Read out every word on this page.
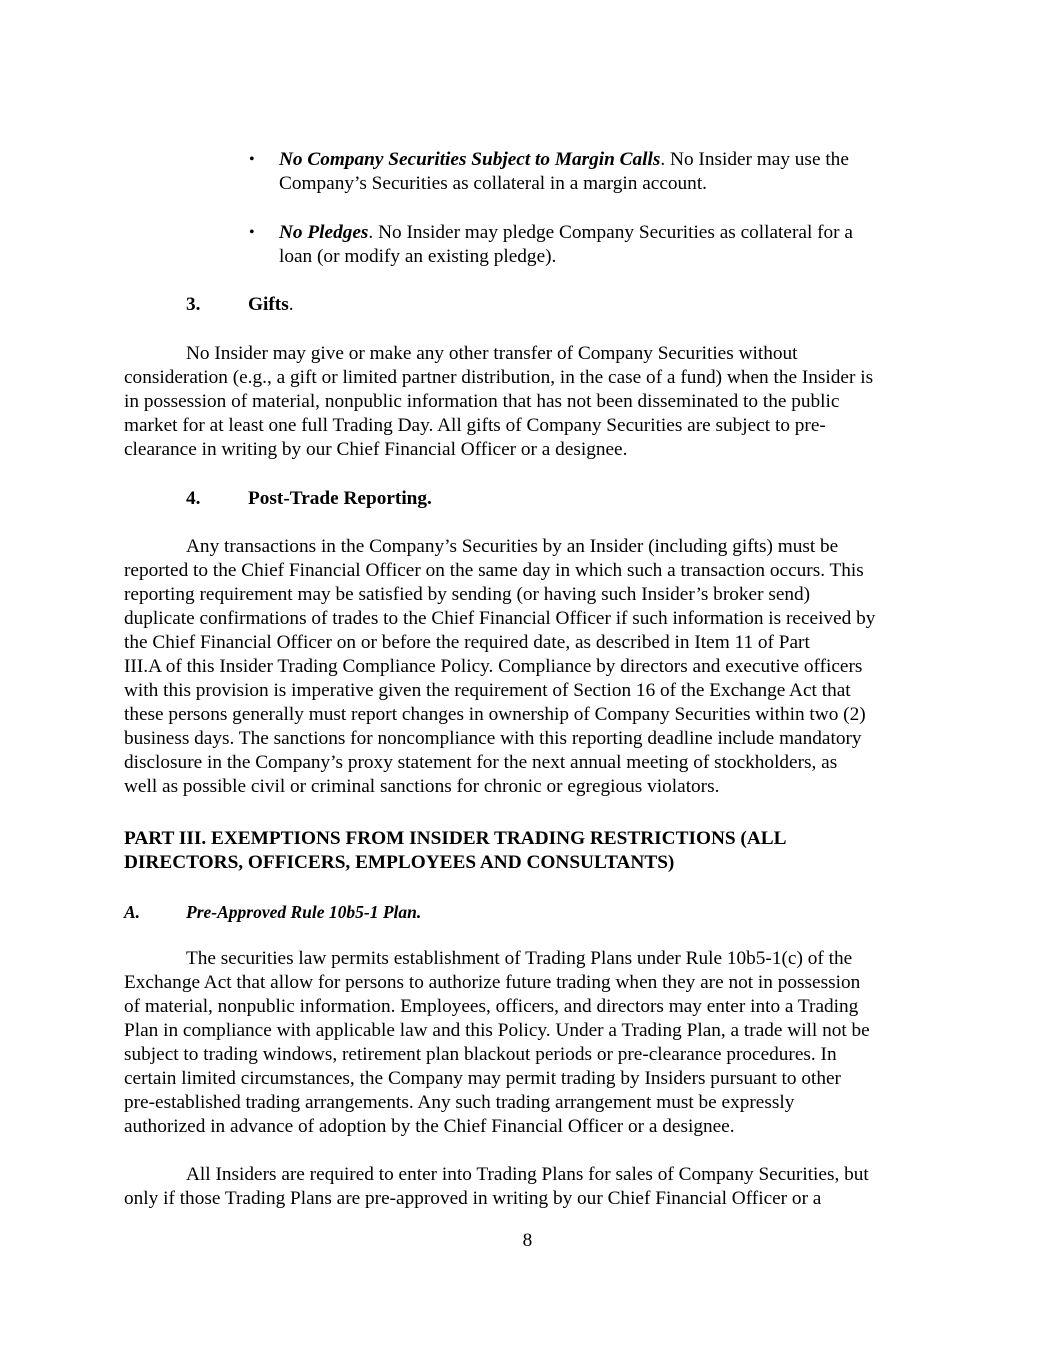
• No Company Securities Subject to Margin Calls. No Insider may use the
Company’s Securities as collateral in a margin account.
• No Pledges. No Insider may pledge Company Securities as collateral for a
loan (or modify an existing pledge).
3. Gifts.
No Insider may give or make any other transfer of Company Securities without
consideration (e.g., a gift or limited partner distribution, in the case of a fund) when the Insider is
in possession of material, nonpublic information that has not been disseminated to the public
market for at least one full Trading Day. All gifts of Company Securities are subject to pre-
clearance in writing by our Chief Financial Officer or a designee.
4. Post-Trade Reporting.
Any transactions in the Company’s Securities by an Insider (including gifts) must be
reported to the Chief Financial Officer on the same day in which such a transaction occurs. This
reporting requirement may be satisfied by sending (or having such Insider’s broker send)
duplicate confirmations of trades to the Chief Financial Officer if such information is received by
the Chief Financial Officer on or before the required date, as described in Item 11 of Part
III.A of this Insider Trading Compliance Policy. Compliance by directors and executive officers
with this provision is imperative given the requirement of Section 16 of the Exchange Act that
these persons generally must report changes in ownership of Company Securities within two (2)
business days. The sanctions for noncompliance with this reporting deadline include mandatory
disclosure in the Company’s proxy statement for the next annual meeting of stockholders, as
well as possible civil or criminal sanctions for chronic or egregious violators.
PART III. EXEMPTIONS FROM INSIDER TRADING RESTRICTIONS (ALL
DIRECTORS, OFFICERS, EMPLOYEES AND CONSULTANTS)
A.	Pre-Approved Rule 10b5-1 Plan.
The securities law permits establishment of Trading Plans under Rule 10b5-1(c) of the
Exchange Act that allow for persons to authorize future trading when they are not in possession
of material, nonpublic information. Employees, officers, and directors may enter into a Trading
Plan in compliance with applicable law and this Policy. Under a Trading Plan, a trade will not be
subject to trading windows, retirement plan blackout periods or pre-clearance procedures. In
certain limited circumstances, the Company may permit trading by Insiders pursuant to other
pre-established trading arrangements. Any such trading arrangement must be expressly
authorized in advance of adoption by the Chief Financial Officer or a designee.
All Insiders are required to enter into Trading Plans for sales of Company Securities, but
only if those Trading Plans are pre-approved in writing by our Chief Financial Officer or a
8
